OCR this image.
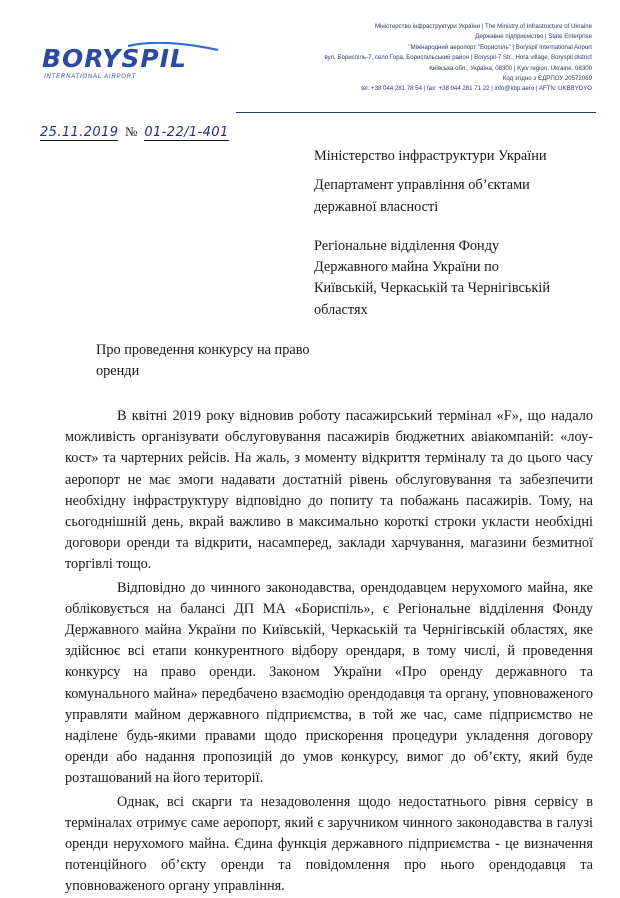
BORYSPIL
INTERNATIONAL AIRPORT
Міністерство інфраструктури України | The Ministry of Infrastructure of Ukraine
Державне підприємство | State Enterprise
"Міжнародний аеропорт "Бориспіль" | Boryspil International Airport
вул. Бориспіль-7, село Гора, Бориспільський район | Boryspil-7 Str., Hora village, Boryspil district
Київська обл., Україна, 08300 | Kyiv region, Ukraine, 08300
Код згідно з ЄДРПОУ 20572069
tel: +38 044 281 78 54 | fax: +38 044 281 71 22 | info@kbp.aero | AFTN: UKBBYDYO
25.11.2019 № 01-22/1-401
Міністерство інфраструктури України
Департамент управління об’єктами
державної власності
Регіональне відділення Фонду
Державного майна України по
Київській, Черкаській та Чернігівській
областях
Про проведення конкурсу на право
оренди

В квітні 2019 року відновив роботу пасажирський термінал «F», що надало можливість організувати обслуговування пасажирів бюджетних авіакомпаній: «лоу-кост» та чартерних рейсів. На жаль, з моменту відкриття терміналу та до цього часу аеропорт не має змоги надавати достатній рівень обслуговування та забезпечити необхідну інфраструктуру відповідно до попиту та побажань пасажирів. Тому, на сьогоднішній день, вкрай важливо в максимально короткі строки укласти необхідні договори оренди та відкрити, насамперед, заклади харчування, магазини безмитної торгівлі тощо.

Відповідно до чинного законодавства, орендодавцем нерухомого майна, яке обліковується на балансі ДП МА «Бориспіль», є Регіональне відділення Фонду Державного майна України по Київській, Черкаській та Чернігівській областях, яке здійснює всі етапи конкурентного відбору орендаря, в тому числі, й проведення конкурсу на право оренди. Законом України «Про оренду державного та комунального майна» передбачено взаємодію орендодавця та органу, уповноваженого управляти майном державного підприємства, в той же час, саме підприємство не наділене будь-якими правами щодо прискорення процедури укладення договору оренди або надання пропозицій до умов конкурсу, вимог до об’єкту, який буде розташований на його території.

Однак, всі скарги та незадоволення щодо недостатнього рівня сервісу в терміналах отримує саме аеропорт, який є заручником чинного законодавства в галузі оренди нерухомого майна. Єдина функція державного підприємства - це визначення потенційного об’єкту оренди та повідомлення про нього орендодавця та уповноваженого органу управління.
